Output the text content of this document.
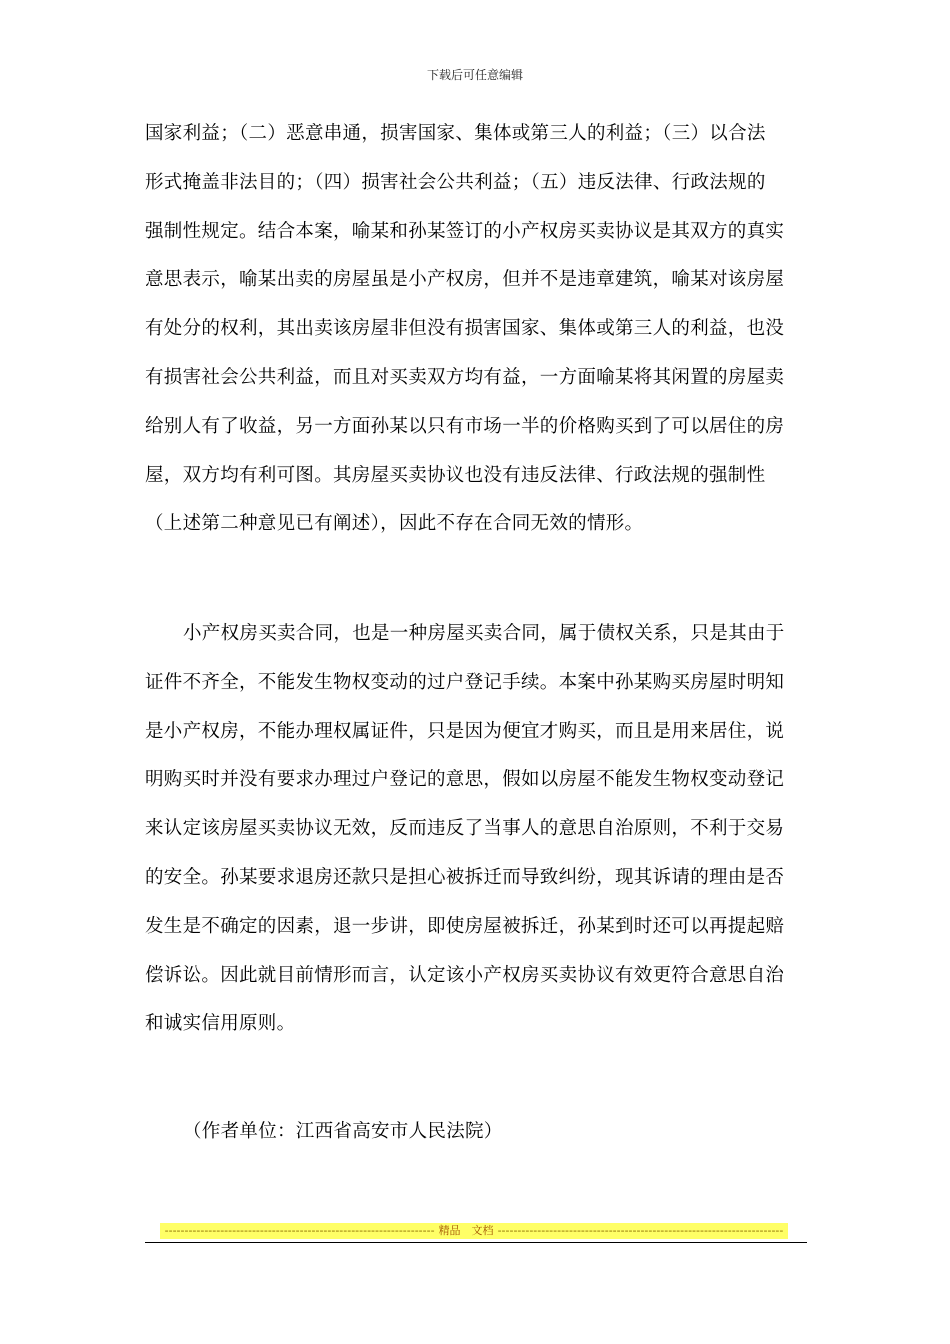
下载后可任意编辑
国家利益；（二）恶意串通，损害国家、集体或第三人的利益；（三）以合法
形式掩盖非法目的；（四）损害社会公共利益；（五）违反法律、行政法规的
强制性规定。结合本案，喻某和孙某签订的小产权房买卖协议是其双方的真实
意思表示，喻某出卖的房屋虽是小产权房，但并不是违章建筑，喻某对该房屋
有处分的权利，其出卖该房屋非但没有损害国家、集体或第三人的利益，也没
有损害社会公共利益，而且对买卖双方均有益，一方面喻某将其闲置的房屋卖
给别人有了收益，另一方面孙某以只有市场一半的价格购买到了可以居住的房
屋，双方均有利可图。其房屋买卖协议也没有违反法律、行政法规的强制性
（上述第二种意见已有阐述），因此不存在合同无效的情形。
小产权房买卖合同，也是一种房屋买卖合同，属于债权关系，只是其由于
证件不齐全，不能发生物权变动的过户登记手续。本案中孙某购买房屋时明知
是小产权房，不能办理权属证件，只是因为便宜才购买，而且是用来居住，说
明购买时并没有要求办理过户登记的意思，假如以房屋不能发生物权变动登记
来认定该房屋买卖协议无效，反而违反了当事人的意思自治原则，不利于交易
的安全。孙某要求退房还款只是担心被拆迁而导致纠纷，现其诉请的理由是否
发生是不确定的因素，退一步讲，即使房屋被拆迁，孙某到时还可以再提起赔
偿诉讼。因此就目前情形而言，认定该小产权房买卖协议有效更符合意思自治
和诚实信用原则。
（作者单位：江西省高安市人民法院）
-------------------------------------------------------------------- 精品　文档 ------------------------------------------------------------------------
